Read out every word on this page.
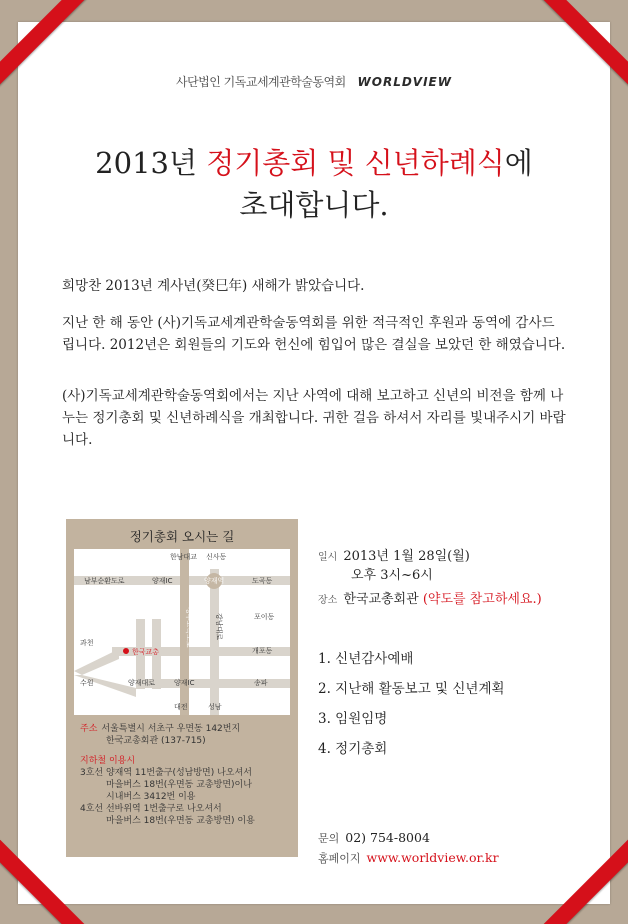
사단법인 기독교세계관학술동역회 WORLDVIEW
2013년 정기총회 및 신년하례식에
초대합니다.

희망찬 2013년 계사년(癸巳年) 새해가 밝았습니다.

지난 한 해 동안 (사)기독교세계관학술동역회를 위한 적극적인 후원과 동역에 감사드립니다. 2012년은 회원들의 기도와 헌신에 힘입어 많은 결실을 보았던 한 해였습니다.

(사)기독교세계관학술동역회에서는 지난 사역에 대해 보고하고 신년의 비전을 함께 나누는 정기총회 및 신년하례식을 개최합니다. 귀한 걸음 하셔서 자리를 빛내주시기 바랍니다.

정기총회 오시는 길
한남대교 신사동
남부순환도로	양재IC	양재역	도곡동
포이동
과천
개포동
한국교총
수원	양재대로	양재IC	송파
대전	성남
경부고속도로	강남대로
주소 서울특별시 서초구 우면동 142번지
한국교총회관 (137-715)
지하철 이용시
3호선 양재역 11번출구(성남방면) 나오셔서
마을버스 18번(우면동 교총방면)이나
시내버스 3412번 이용
4호선 선바위역 1번출구로 나오셔서
마을버스 18번(우면동 교총방면) 이용
일시 2013년 1월 28일(월)
오후 3시~6시
장소 한국교총회관 (약도를 참고하세요.)
1. 신년감사예배
2. 지난해 활동보고 및 신년계획
3. 임원임명
4. 정기총회
문의 02) 754-8004
홈페이지 www.worldview.or.kr
